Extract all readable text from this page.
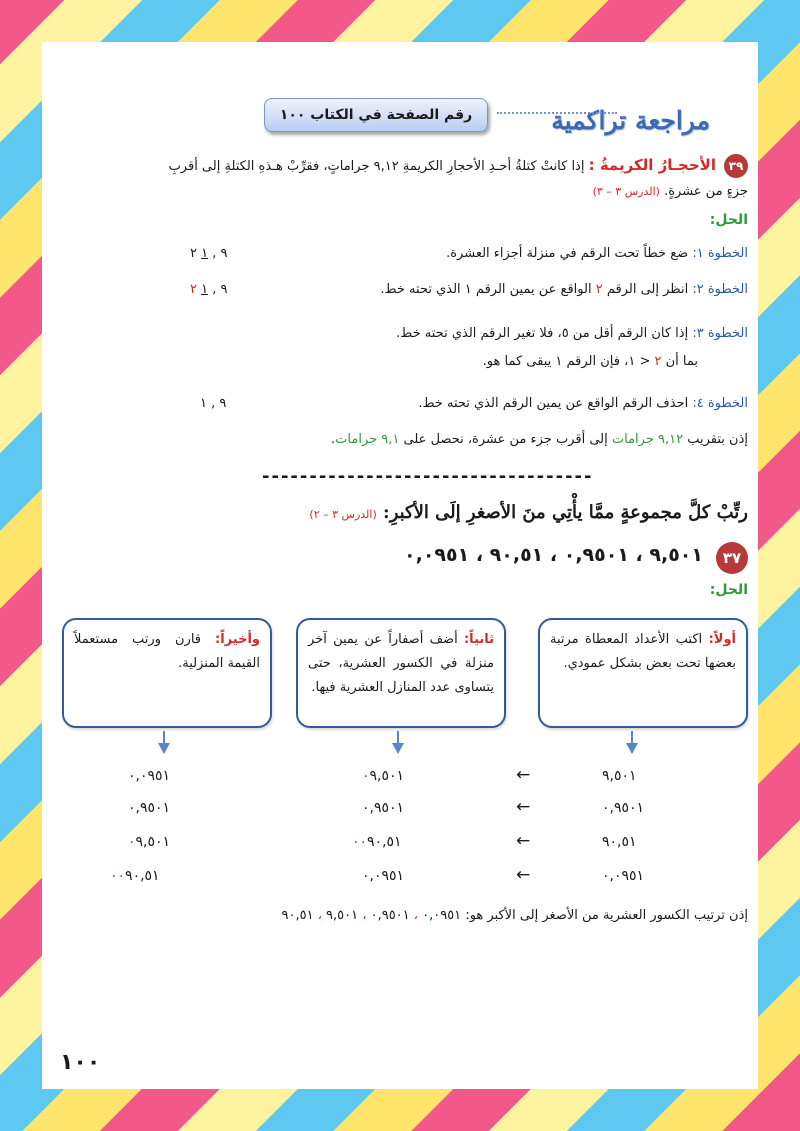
مراجعة تراكمية
رقم الصفحة في الكتاب ١٠٠
٣٩
الأحجـارُ الكريمةُ : إذا كانتْ كتلةُ أحـدِ الأحجارِ الكريمةِ ٩,١٢ جراماتٍ، فقرِّبْ هـذهِ الكتلةِ إلى أقربِ
جزءٍ من عشرةٍ. (الدرس ٣ – ٣)
الحل:
الخطوة ١: ضع خطاً تحت الرقم في منزلة أجزاء العشرة.
٩ , ١ ٢
الخطوة ٢: انظر إلى الرقم ٢ الواقع عن يمين الرقم ١ الذي تحته خط.
٩ , ١ ٢
الخطوة ٣: إذا كان الرقم أقل من ٥، فلا تغير الرقم الذي تحته خط.
بما أن ٢ < ١، فإن الرقم ١ يبقى كما هو.
الخطوة ٤: احذف الرقم الواقع عن يمين الرقم الذي تحته خط.
٩ , ١
إذن بتقريب ٩,١٢ جرامات إلى أقرب جزء من عشرة، نحصل على ٩,١ جرامات.
-----------------------------------
رتِّبْ كلَّ مجموعةٍ ممَّا يأْتِي منَ الأصغرِ إلَى الأكبرِ: (الدرس ٣ – ٢)
٣٧
٩,٥٠١ ، ٠,٩٥٠١ ، ٩٠,٥١ ، ٠,٠٩٥١
الحل:
أولاً: اكتب الأعداد المعطاة مرتبة بعضها تحت بعض بشكل عمودي.
ثانياً: أضف أصفاراً عن يمين آخر منزلة في الكسور العشرية، حتى يتساوى عدد المنازل العشرية فيها.
وأخيراً: قارن ورتب مستعملاً القيمة المنزلية.
٩,٥٠١
←
٠٩,٥٠١
٠,٠٩٥١
٠,٩٥٠١
←
٠,٩٥٠١
٠,٩٥٠١
٩٠,٥١
←
٠٠٩٠,٥١
٠٩,٥٠١
٠,٠٩٥١
←
٠,٠٩٥١
٠٠٩٠,٥١
إذن ترتيب الكسور العشرية من الأصغر إلى الأكبر هو: ٠,٠٩٥١ ، ٠,٩٥٠١ ، ٩,٥٠١ ، ٩٠,٥١
١٠٠
